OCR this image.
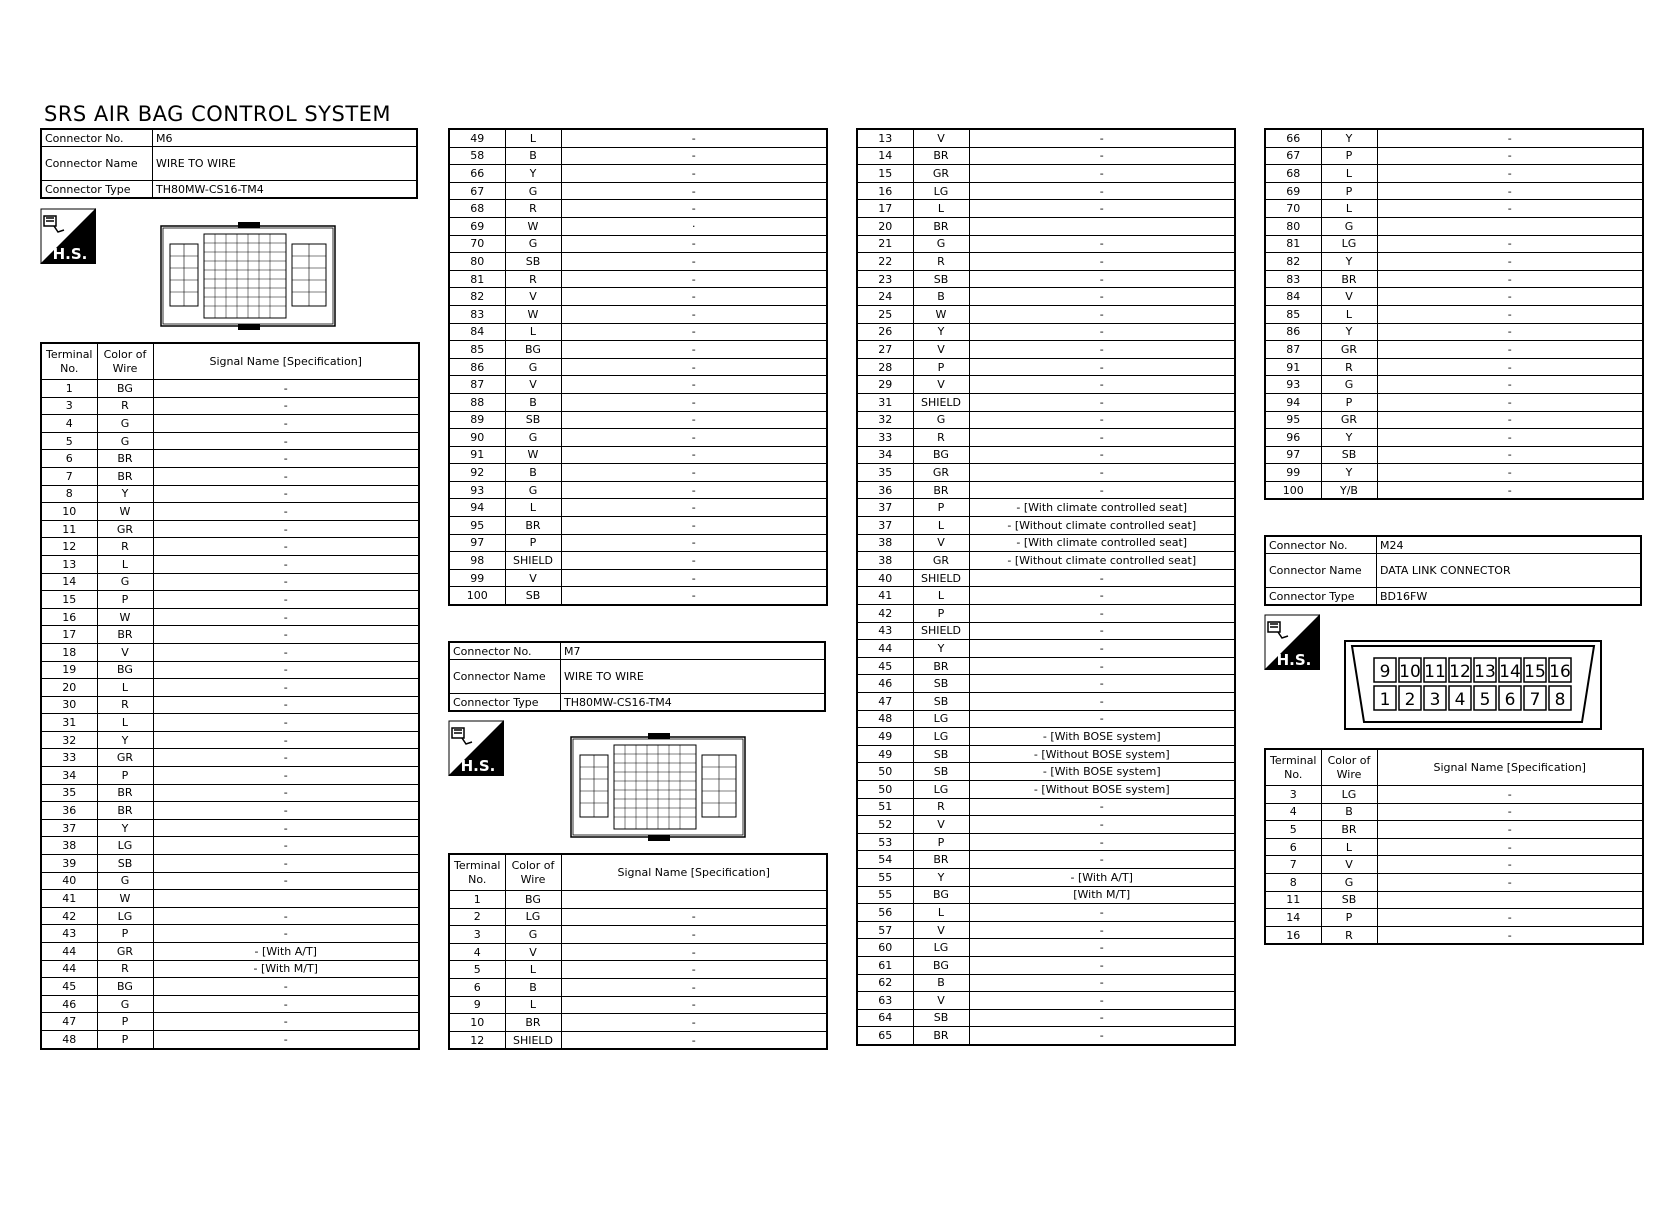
SRS AIR BAG CONTROL SYSTEM
Connector No.	M6
Connector Name	WIRE TO WIRE
Connector Type	TH80MW-CS16-TM4
H.S.
Terminal No.	Color of Wire	Signal Name [Specification]
1	BG	-
3	R	-
4	G	-
5	G	-
6	BR	-
7	BR	-
8	Y	-
10	W	-
11	GR	-
12	R	-
13	L	-
14	G	-
15	P	-
16	W	-
17	BR	-
18	V	-
19	BG	-
20	L	-
30	R	-
31	L	-
32	Y	-
33	GR	-
34	P	-
35	BR	-
36	BR	-
37	Y	-
38	LG	-
39	SB	-
40	G	-
41	W	
42	LG	-
43	P	-
44	GR	- [With A/T]
44	R	- [With M/T]
45	BG	-
46	G	-
47	P	-
48	P	-
49	L	-
58	B	-
66	Y	-
67	G	-
68	R	-
69	W	·
70	G	-
80	SB	-
81	R	-
82	V	-
83	W	-
84	L	-
85	BG	-
86	G	-
87	V	-
88	B	-
89	SB	-
90	G	-
91	W	-
92	B	-
93	G	-
94	L	-
95	BR	-
97	P	-
98	SHIELD	-
99	V	-
100	SB	-
Connector No.	M7
Connector Name	WIRE TO WIRE
Connector Type	TH80MW-CS16-TM4
H.S.
Terminal No.	Color of Wire	Signal Name [Specification]
1	BG	
2	LG	-
3	G	-
4	V	-
5	L	-
6	B	-
9	L	-
10	BR	-
12	SHIELD	-
13	V	-
14	BR	-
15	GR	-
16	LG	-
17	L	-
20	BR	
21	G	-
22	R	-
23	SB	-
24	B	-
25	W	-
26	Y	-
27	V	-
28	P	-
29	V	-
31	SHIELD	-
32	G	-
33	R	-
34	BG	-
35	GR	-
36	BR	-
37	P	- [With climate controlled seat]
37	L	- [Without climate controlled seat]
38	V	- [With climate controlled seat]
38	GR	- [Without climate controlled seat]
40	SHIELD	-
41	L	-
42	P	-
43	SHIELD	-
44	Y	-
45	BR	-
46	SB	-
47	SB	-
48	LG	-
49	LG	- [With BOSE system]
49	SB	- [Without BOSE system]
50	SB	- [With BOSE system]
50	LG	- [Without BOSE system]
51	R	-
52	V	-
53	P	-
54	BR	-
55	Y	- [With A/T]
55	BG	[With M/T]
56	L	-
57	V	-
60	LG	-
61	BG	-
62	B	-
63	V	-
64	SB	-
65	BR	-
66	Y	-
67	P	-
68	L	-
69	P	-
70	L	-
80	G	
81	LG	-
82	Y	-
83	BR	-
84	V	-
85	L	-
86	Y	-
87	GR	-
91	R	-
93	G	-
94	P	-
95	GR	-
96	Y	-
97	SB	-
99	Y	-
100	Y/B	-
Connector No.	M24
Connector Name	DATA LINK CONNECTOR
Connector Type	BD16FW
H.S.
9 10 11 12 13 14 15 16
1 2 3 4 5 6 7 8
Terminal No.	Color of Wire	Signal Name [Specification]
3	LG	-
4	B	-
5	BR	-
6	L	-
7	V	-
8	G	-
11	SB	
14	P	-
16	R	-
